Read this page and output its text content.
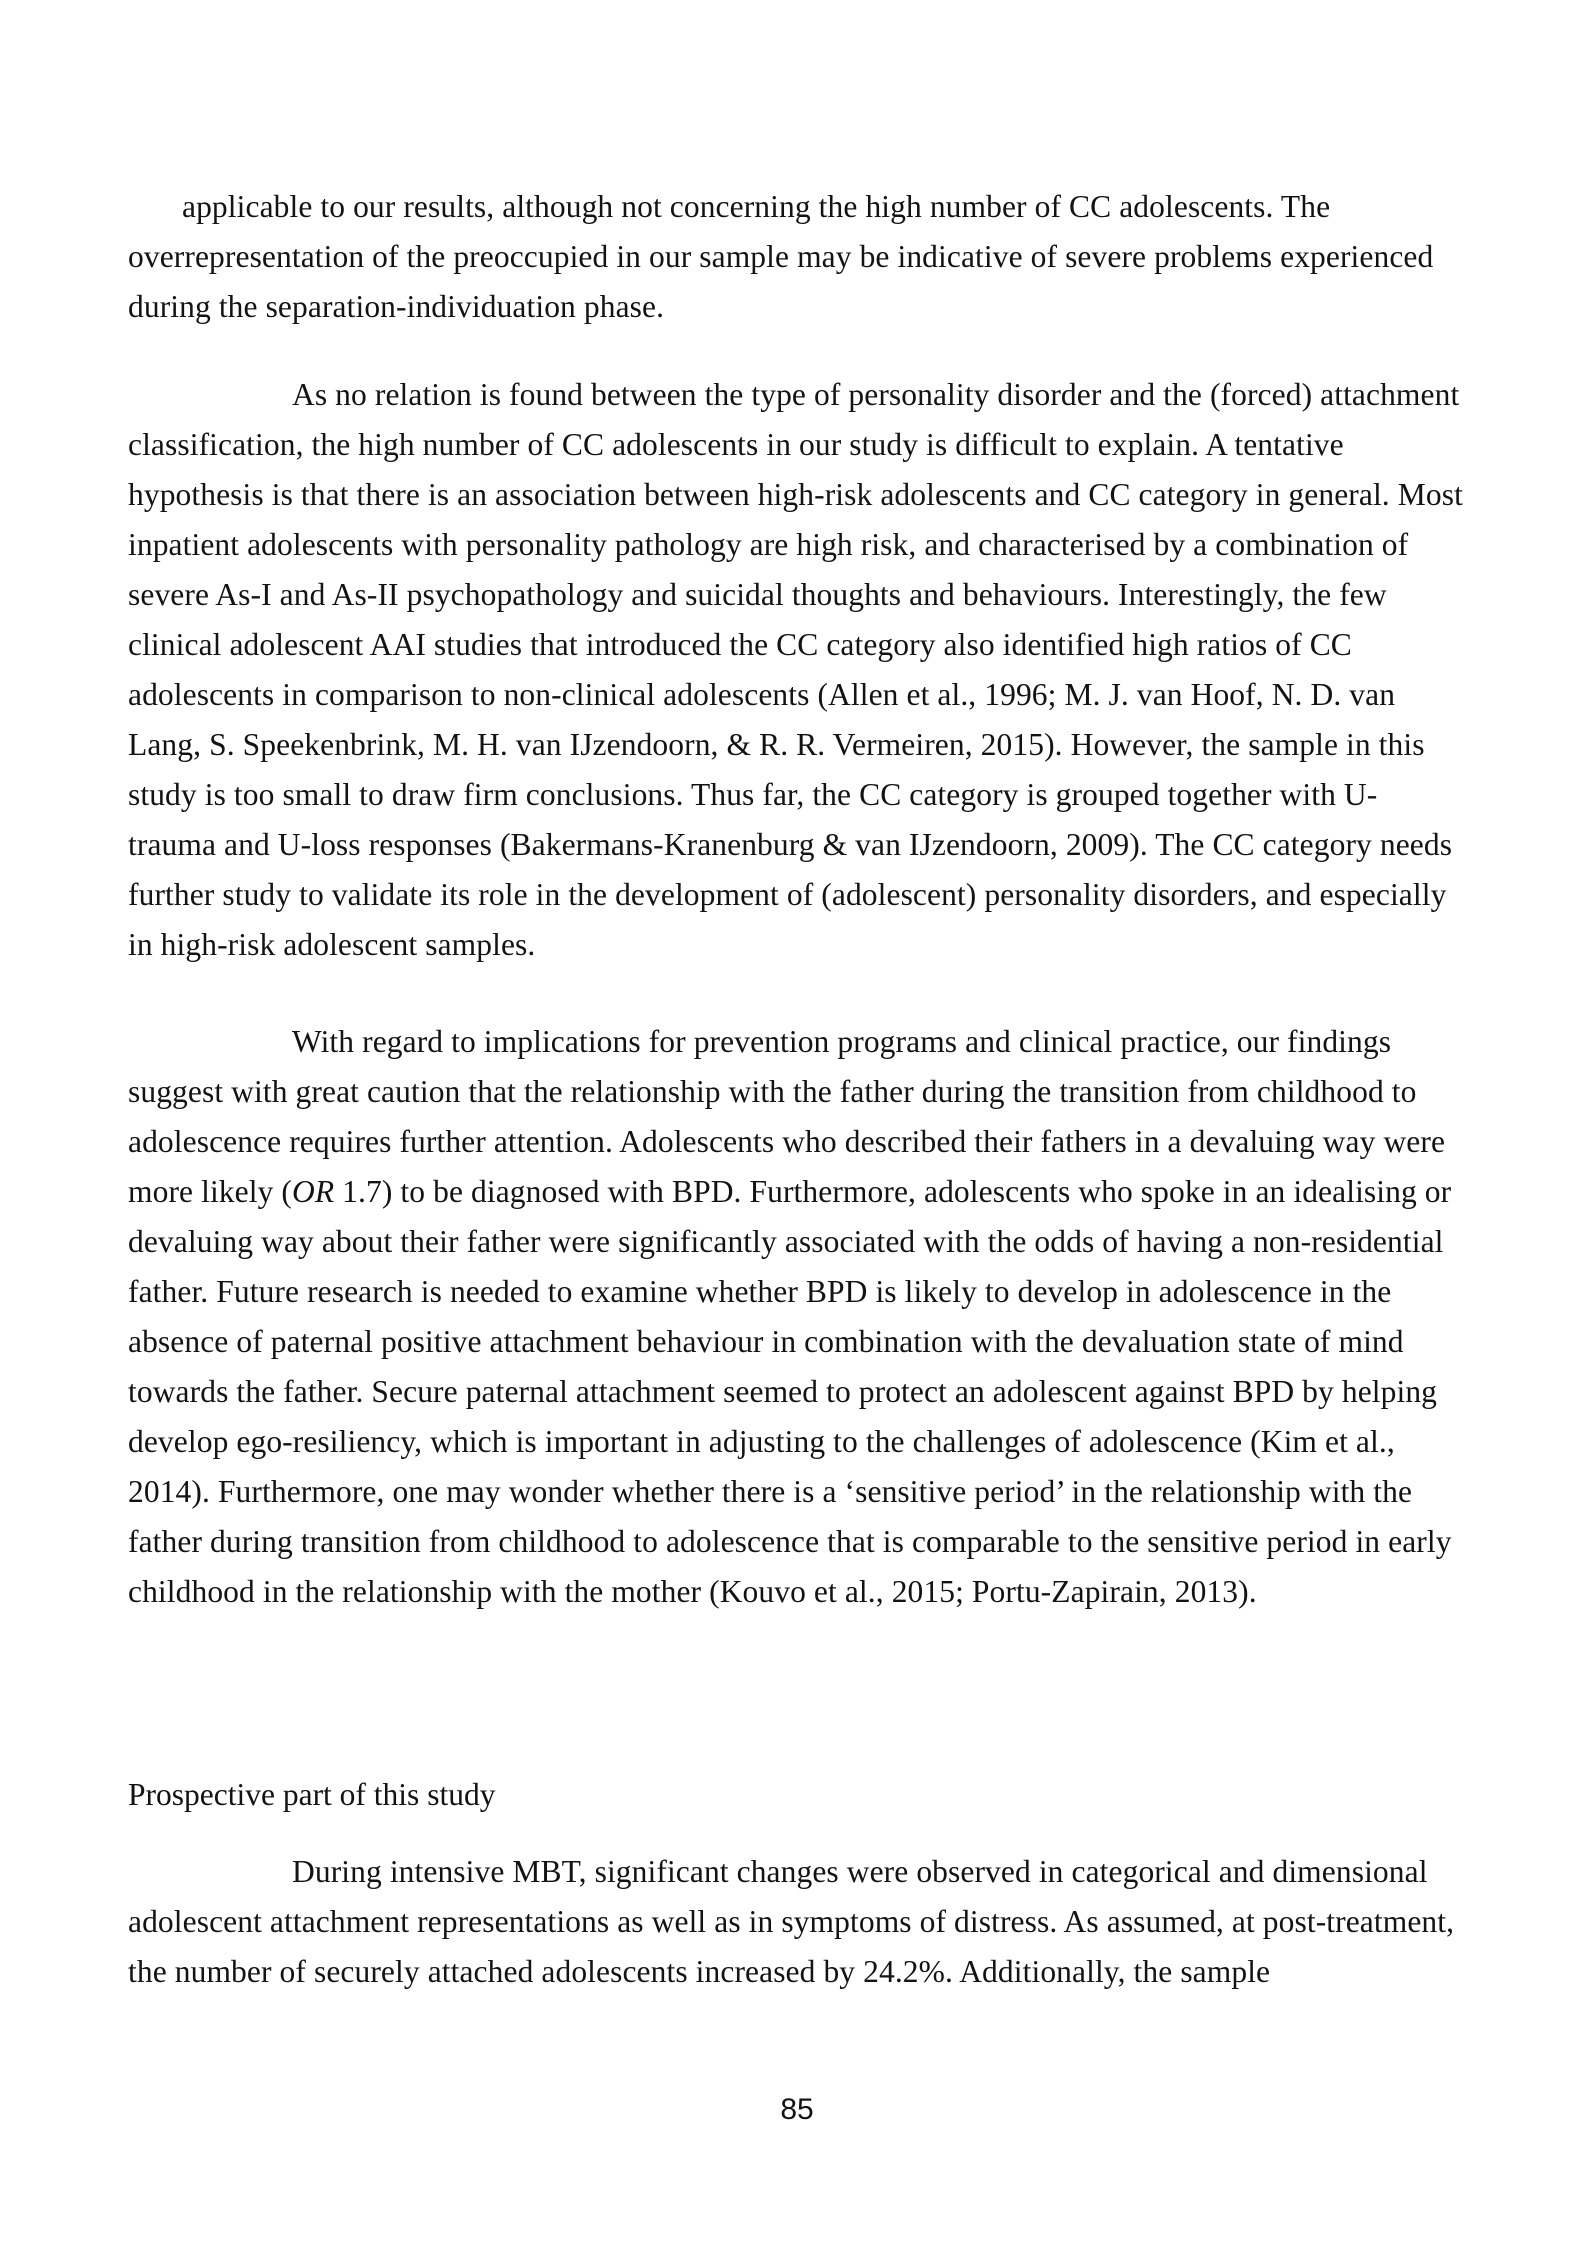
applicable to our results, although not concerning the high number of CC adolescents. The overrepresentation of the preoccupied in our sample may be indicative of severe problems experienced during the separation-individuation phase.

As no relation is found between the type of personality disorder and the (forced) attachment classification, the high number of CC adolescents in our study is difficult to explain. A tentative hypothesis is that there is an association between high-risk adolescents and CC category in general. Most inpatient adolescents with personality pathology are high risk, and characterised by a combination of severe As-I and As-II psychopathology and suicidal thoughts and behaviours. Interestingly, the few clinical adolescent AAI studies that introduced the CC category also identified high ratios of CC adolescents in comparison to non-clinical adolescents (Allen et al., 1996; M. J. van Hoof, N. D. van Lang, S. Speekenbrink, M. H. van IJzendoorn, & R. R. Vermeiren, 2015). However, the sample in this study is too small to draw firm conclusions. Thus far, the CC category is grouped together with U-trauma and U-loss responses (Bakermans-Kranenburg & van IJzendoorn, 2009). The CC category needs further study to validate its role in the development of (adolescent) personality disorders, and especially in high-risk adolescent samples.

With regard to implications for prevention programs and clinical practice, our findings suggest with great caution that the relationship with the father during the transition from childhood to adolescence requires further attention. Adolescents who described their fathers in a devaluing way were more likely (OR 1.7) to be diagnosed with BPD. Furthermore, adolescents who spoke in an idealising or devaluing way about their father were significantly associated with the odds of having a non-residential father. Future research is needed to examine whether BPD is likely to develop in adolescence in the absence of paternal positive attachment behaviour in combination with the devaluation state of mind towards the father. Secure paternal attachment seemed to protect an adolescent against BPD by helping develop ego-resiliency, which is important in adjusting to the challenges of adolescence (Kim et al., 2014). Furthermore, one may wonder whether there is a ‘sensitive period’ in the relationship with the father during transition from childhood to adolescence that is comparable to the sensitive period in early childhood in the relationship with the mother (Kouvo et al., 2015; Portu-Zapirain, 2013).

Prospective part of this study

During intensive MBT, significant changes were observed in categorical and dimensional adolescent attachment representations as well as in symptoms of distress. As assumed, at post-treatment, the number of securely attached adolescents increased by 24.2%. Additionally, the sample

85
